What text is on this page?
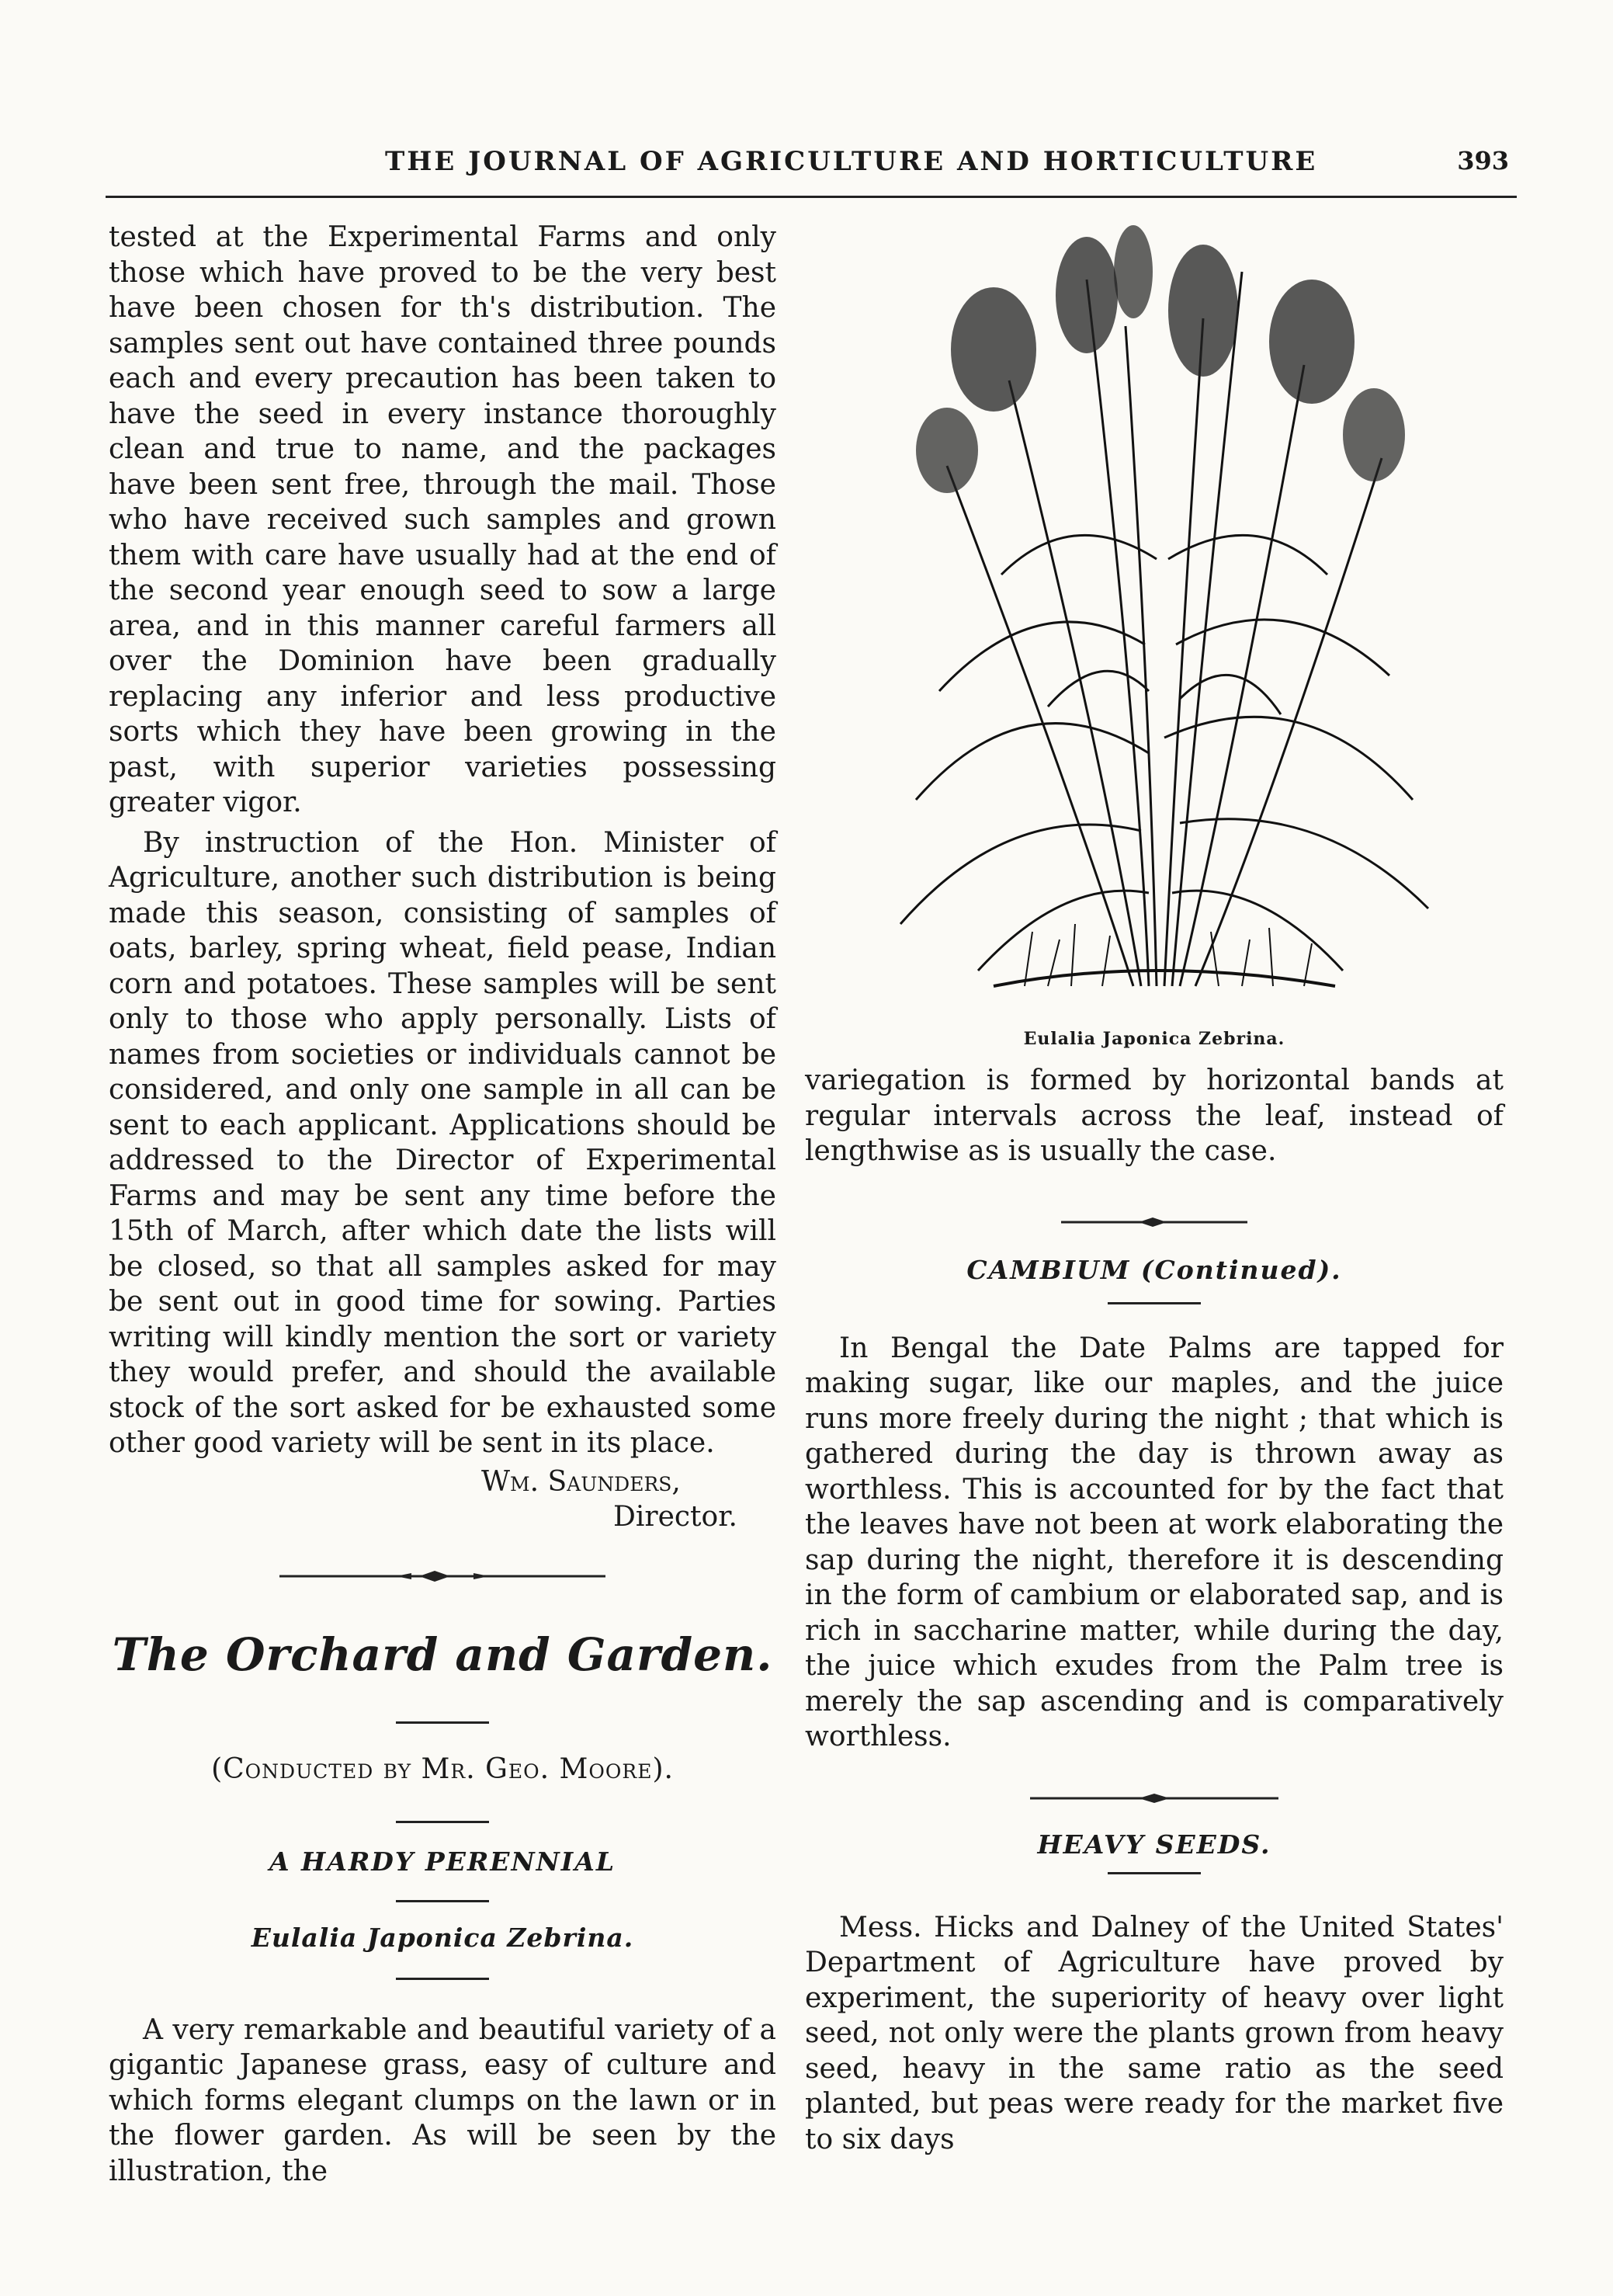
THE JOURNAL OF AGRICULTURE AND HORTICULTURE	393

tested at the Experimental Farms and only those which have proved to be the very best have been chosen for th's distribution. The samples sent out have contained three pounds each and every precaution has been taken to have the seed in every instance thoroughly clean and true to name, and the packages have been sent free, through the mail. Those who have received such samples and grown them with care have usually had at the end of the second year enough seed to sow a large area, and in this manner careful farmers all over the Dominion have been gradually replacing any inferior and less productive sorts which they have been growing in the past, with superior varieties possessing greater vigor.

By instruction of the Hon. Minister of Agriculture, another such distribution is being made this season, consisting of samples of oats, barley, spring wheat, field pease, Indian corn and potatoes. These samples will be sent only to those who apply personally. Lists of names from societies or individuals cannot be considered, and only one sample in all can be sent to each applicant. Applications should be addressed to the Director of Experimental Farms and may be sent any time before the 15th of March, after which date the lists will be closed, so that all samples asked for may be sent out in good time for sowing. Parties writing will kindly mention the sort or variety they would prefer, and should the available stock of the sort asked for be exhausted some other good variety will be sent in its place.

Wm. Saunders,
Director.
The Orchard and Garden.
(Conducted by Mr. Geo. Moore).
A HARDY PERENNIAL
Eulalia Japonica Zebrina.

A very remarkable and beautiful variety of a gigantic Japanese grass, easy of culture and which forms elegant clumps on the lawn or in the flower garden. As will be seen by the illustration, the

Eulalia Japonica Zebrina.

variegation is formed by horizontal bands at regular intervals across the leaf, instead of lengthwise as is usually the case.

CAMBIUM (Continued).

In Bengal the Date Palms are tapped for making sugar, like our maples, and the juice runs more freely during the night ; that which is gathered during the day is thrown away as worthless. This is accounted for by the fact that the leaves have not been at work elaborating the sap during the night, therefore it is descending in the form of cambium or elaborated sap, and is rich in saccharine matter, while during the day, the juice which exudes from the Palm tree is merely the sap ascending and is comparatively worthless.

HEAVY SEEDS.

Mess. Hicks and Dalney of the United States' Department of Agriculture have proved by experiment, the superiority of heavy over light seed, not only were the plants grown from heavy seed, heavy in the same ratio as the seed planted, but peas were ready for the market five to six days
